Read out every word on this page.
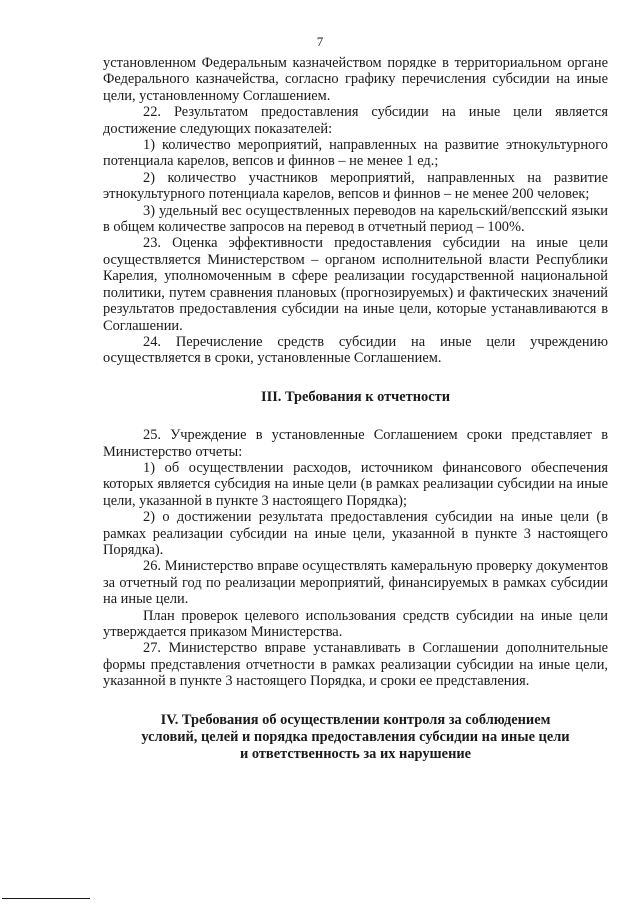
7

установленном Федеральным казначейством порядке в территориальном органе Федерального казначейства, согласно графику перечисления субсидии на иные цели, установленному Соглашением.

22. Результатом предоставления субсидии на иные цели является достижение следующих показателей:

1) количество мероприятий, направленных на развитие этнокультурного потенциала карелов, вепсов и финнов – не менее 1 ед.;

2) количество участников мероприятий, направленных на развитие этнокультурного потенциала карелов, вепсов и финнов – не менее 200 человек;

3) удельный вес осуществленных переводов на карельский/вепсский языки в общем количестве запросов на перевод в отчетный период – 100%.

23. Оценка эффективности предоставления субсидии на иные цели осуществляется Министерством – органом исполнительной власти Республики Карелия, уполномоченным в сфере реализации государственной национальной политики, путем сравнения плановых (прогнозируемых) и фактических значений результатов предоставления субсидии на иные цели, которые устанавливаются в Соглашении.

24. Перечисление средств субсидии на иные цели учреждению осуществляется в сроки, установленные Соглашением.

III. Требования к отчетности

25. Учреждение в установленные Соглашением сроки представляет в Министерство отчеты:

1) об осуществлении расходов, источником финансового обеспечения которых является субсидия на иные цели (в рамках реализации субсидии на иные цели, указанной в пункте 3 настоящего Порядка);

2) о достижении результата предоставления субсидии на иные цели (в рамках реализации субсидии на иные цели, указанной в пункте 3 настоящего Порядка).

26. Министерство вправе осуществлять камеральную проверку документов за отчетный год по реализации мероприятий, финансируемых в рамках субсидии на иные цели.

План проверок целевого использования средств субсидии на иные цели утверждается приказом Министерства.

27. Министерство вправе устанавливать в Соглашении дополнительные формы представления отчетности в рамках реализации субсидии на иные цели, указанной в пункте 3 настоящего Порядка, и сроки ее представления.

IV. Требования об осуществлении контроля за соблюдением
условий, целей и порядка предоставления субсидии на иные цели
и ответственность за их нарушение
